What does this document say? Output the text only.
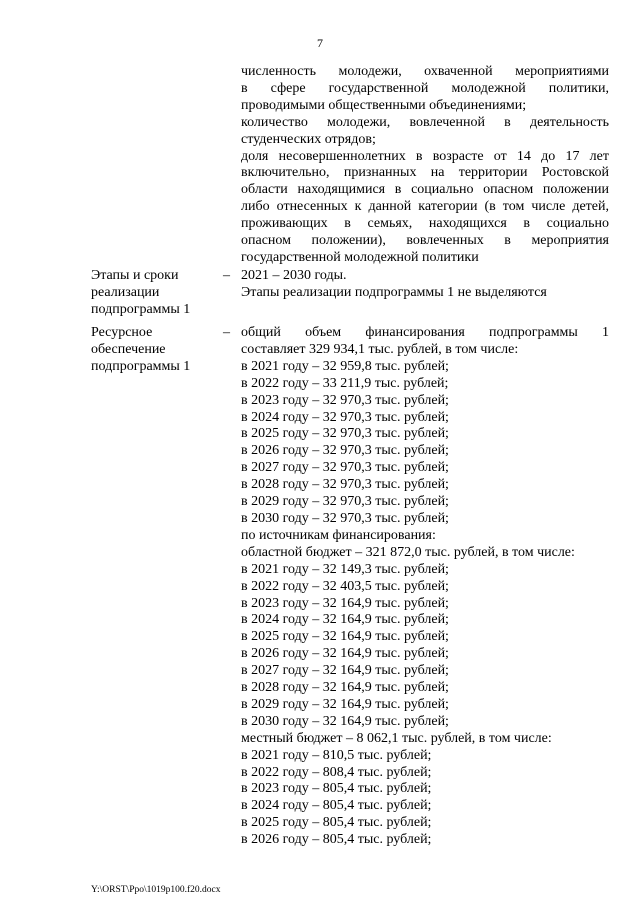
7
численность молодежи, охваченной мероприятиями
в сфере государственной молодежной политики,
проводимыми общественными объединениями;
количество молодежи, вовлеченной в деятельность
студенческих отрядов;
доля несовершеннолетних в возрасте от 14 до 17 лет
включительно, признанных на территории Ростовской
области находящимися в социально опасном положении
либо отнесенных к данной категории (в том числе детей,
проживающих в семьях, находящихся в социально
опасном положении), вовлеченных в мероприятия
государственной молодежной политики
Этапы и сроки
реализации
подпрограммы 1
– 2021 – 2030 годы.
Этапы реализации подпрограммы 1 не выделяются
Ресурсное
обеспечение
подпрограммы 1
– общий объем финансирования подпрограммы 1
составляет 329 934,1 тыс. рублей, в том числе:
в 2021 году – 32 959,8 тыс. рублей;
в 2022 году – 33 211,9 тыс. рублей;
в 2023 году – 32 970,3 тыс. рублей;
в 2024 году – 32 970,3 тыс. рублей;
в 2025 году – 32 970,3 тыс. рублей;
в 2026 году – 32 970,3 тыс. рублей;
в 2027 году – 32 970,3 тыс. рублей;
в 2028 году – 32 970,3 тыс. рублей;
в 2029 году – 32 970,3 тыс. рублей;
в 2030 году – 32 970,3 тыс. рублей;
по источникам финансирования:
областной бюджет – 321 872,0 тыс. рублей, в том числе:
в 2021 году – 32 149,3 тыс. рублей;
в 2022 году – 32 403,5 тыс. рублей;
в 2023 году – 32 164,9 тыс. рублей;
в 2024 году – 32 164,9 тыс. рублей;
в 2025 году – 32 164,9 тыс. рублей;
в 2026 году – 32 164,9 тыс. рублей;
в 2027 году – 32 164,9 тыс. рублей;
в 2028 году – 32 164,9 тыс. рублей;
в 2029 году – 32 164,9 тыс. рублей;
в 2030 году – 32 164,9 тыс. рублей;
местный бюджет – 8 062,1 тыс. рублей, в том числе:
в 2021 году – 810,5 тыс. рублей;
в 2022 году – 808,4 тыс. рублей;
в 2023 году – 805,4 тыс. рублей;
в 2024 году – 805,4 тыс. рублей;
в 2025 году – 805,4 тыс. рублей;
в 2026 году – 805,4 тыс. рублей;
Y:\ORST\Ppo\1019p100.f20.docx
